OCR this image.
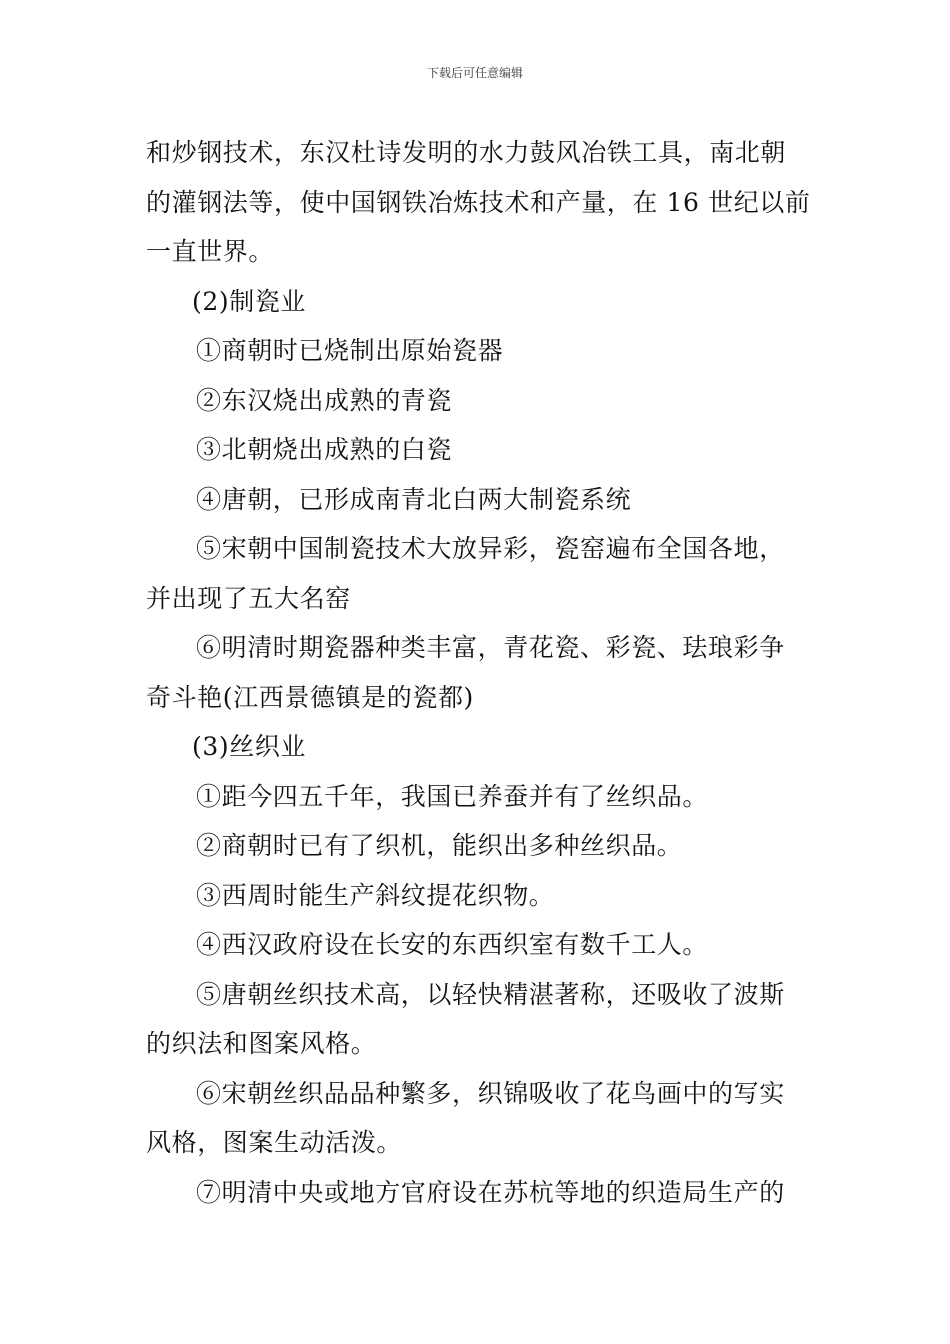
下载后可任意编辑
和炒钢技术，东汉杜诗发明的水力鼓风冶铁工具，南北朝
的灌钢法等，使中国钢铁冶炼技术和产量，在 16 世纪以前
一直世界。
(2)制瓷业
①商朝时已烧制出原始瓷器
②东汉烧出成熟的青瓷
③北朝烧出成熟的白瓷
④唐朝，已形成南青北白两大制瓷系统
⑤宋朝中国制瓷技术大放异彩，瓷窑遍布全国各地，
并出现了五大名窑
⑥明清时期瓷器种类丰富，青花瓷、彩瓷、珐琅彩争
奇斗艳(江西景德镇是的瓷都)
(3)丝织业
①距今四五千年，我国已养蚕并有了丝织品。
②商朝时已有了织机，能织出多种丝织品。
③西周时能生产斜纹提花织物。
④西汉政府设在长安的东西织室有数千工人。
⑤唐朝丝织技术高，以轻快精湛著称，还吸收了波斯
的织法和图案风格。
⑥宋朝丝织品品种繁多，织锦吸收了花鸟画中的写实
风格，图案生动活泼。
⑦明清中央或地方官府设在苏杭等地的织造局生产的
